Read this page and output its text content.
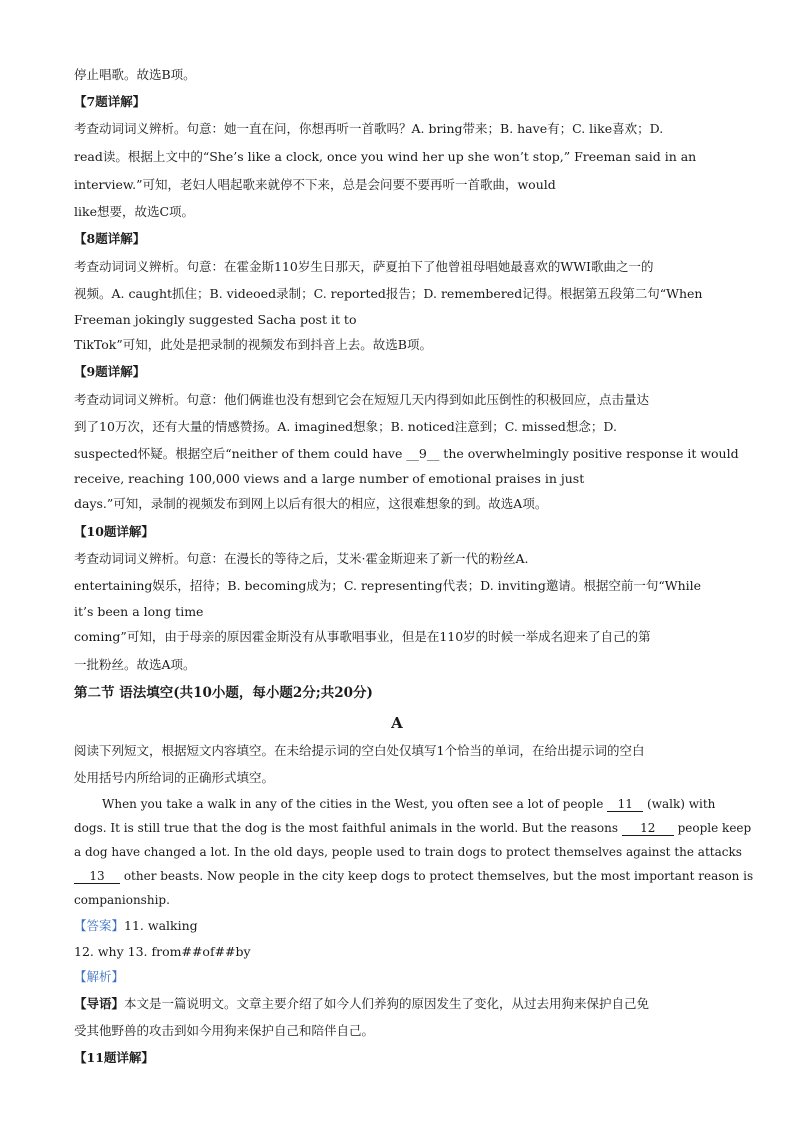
停止唱歌。故选B项。
【7题详解】
考查动词词义辨析。句意：她一直在问，你想再听一首歌吗？A. bring带来；B. have有；C. like喜欢；D.
read读。根据上文中的“She’s like a clock, once you wind her up she won’t stop,” Freeman said in an
interview.”可知，老妇人唱起歌来就停不下来，总是会问要不要再听一首歌曲，would
like想要，故选C项。
【8题详解】
考查动词词义辨析。句意：在霍金斯110岁生日那天，萨夏拍下了他曾祖母唱她最喜欢的WWI歌曲之一的
视频。A. caught抓住；B. videoed录制；C. reported报告；D. remembered记得。根据第五段第二句“When
Freeman jokingly suggested Sacha post it to
TikTok”可知，此处是把录制的视频发布到抖音上去。故选B项。
【9题详解】
考查动词词义辨析。句意：他们俩谁也没有想到它会在短短几天内得到如此压倒性的积极回应，点击量达
到了10万次，还有大量的情感赞扬。A. imagined想象；B. noticed注意到；C. missed想念；D.
suspected怀疑。根据空后“neither of them could have __9__ the overwhelmingly positive response it would
receive, reaching 100,000 views and a large number of emotional praises in just
days.”可知，录制的视频发布到网上以后有很大的相应，这很难想象的到。故选A项。
【10题详解】
考查动词词义辨析。句意：在漫长的等待之后，艾米·霍金斯迎来了新一代的粉丝A.
entertaining娱乐，招待；B. becoming成为；C. representing代表；D. inviting邀请。根据空前一句“While
it’s been a long time
coming”可知，由于母亲的原因霍金斯没有从事歌唱事业，但是在110岁的时候一举成名迎来了自己的第
一批粉丝。故选A项。
第二节 语法填空(共10小题，每小题2分;共20分)
A
阅读下列短文，根据短文内容填空。在未给提示词的空白处仅填写1个恰当的单词，在给出提示词的空白
处用括号内所给词的正确形式填空。
When you take a walk in any of the cities in the West, you often see a lot of people 11 (walk) with
dogs. It is still true that the dog is the most faithful animals in the world. But the reasons 12 people keep
a dog have changed a lot. In the old days, people used to train dogs to protect themselves against the attacks
13 other beasts. Now people in the city keep dogs to protect themselves, but the most important reason is
companionship.
【答案】11. walking
12. why 13. from##of##by
【解析】
【导语】本文是一篇说明文。文章主要介绍了如今人们养狗的原因发生了变化，从过去用狗来保护自己免
受其他野兽的攻击到如今用狗来保护自己和陪伴自己。
【11题详解】
